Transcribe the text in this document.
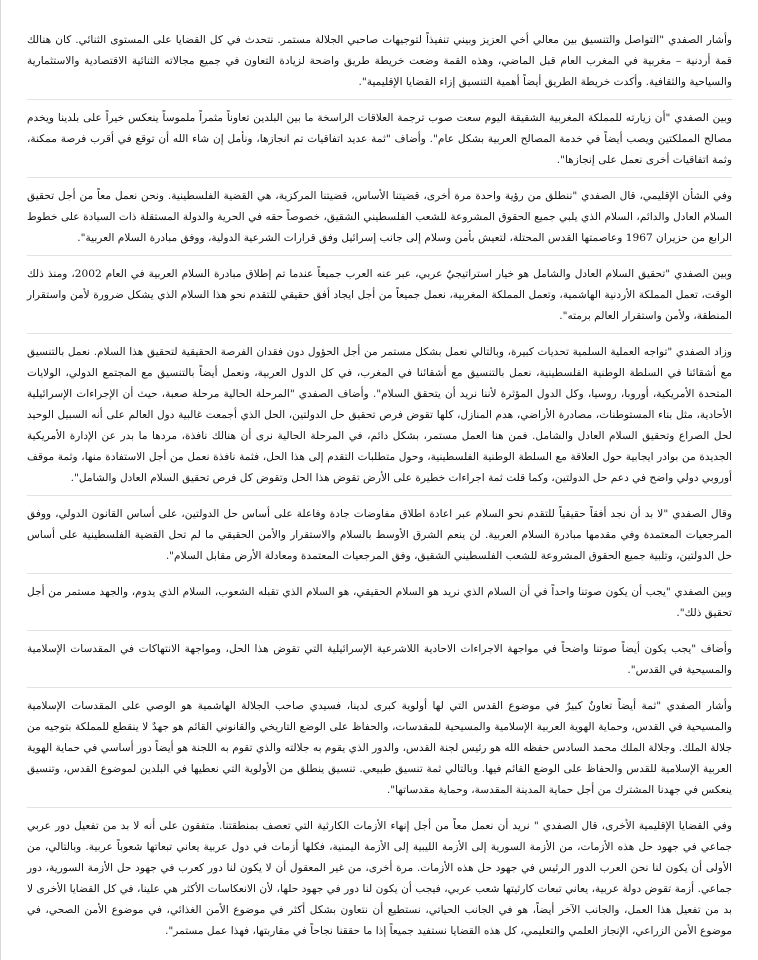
وأشار الصفدي "التواصل والتنسيق بين معالي أخي العزيز وبيني تنفيذاً لتوجيهات صاحبي الجلالة مستمر. نتحدث في كل القضايا على المستوى الثنائي. كان هنالك قمة أردنية – مغربية في المغرب العام قبل الماضي، وهذه القمة وضعت خريطة طريق واضحة لزيادة التعاون في جميع مجالاته الثنائية الاقتصادية والاستثمارية والسياحية والثقافية. وأكدت خريطة الطريق أيضاً أهمية التنسيق إزاء القضايا الإقليمية".

وبين الصفدي "أن زيارته للمملكة المغربية الشقيقة اليوم سعت صوب ترجمة العلاقات الراسخة ما بين البلدين تعاوناً مثمراً ملموساً ينعكس خيراً على بلدينا ويخدم مصالح المملكتين ويصب أيضاً في خدمة المصالح العربية بشكل عام". وأضاف "ثمة عديد اتفاقيات تم انجازها، ونأمل إن شاء الله أن توقع في أقرب فرصة ممكنة، وثمة اتفاقيات أخرى نعمل على إنجازها".

وفي الشأن الإقليمي، قال الصفدي "ننطلق من رؤية واحدة مرة أخرى، قضيتنا الأساس، قضيتنا المركزية، هي القضية الفلسطينية. ونحن نعمل معاً من أجل تحقيق السلام العادل والدائم، السلام الذي يلبي جميع الحقوق المشروعة للشعب الفلسطيني الشقيق، خصوصاً حقه في الحرية والدولة المستقلة ذات السيادة على خطوط الرابع من حزيران 1967 وعاصمتها القدس المحتلة، لتعيش بأمن وسلام إلى جانب إسرائيل وفق قرارات الشرعية الدولية، ووفق مبادرة السلام العربية".

وبين الصفدي "تحقيق السلام العادل والشامل هو خيار استراتيجيٌ عربي، عبر عنه العرب جميعاً عندما تم إطلاق مبادرة السلام العربية في العام 2002، ومنذ ذلك الوقت، تعمل المملكة الأردنية الهاشمية، وتعمل المملكة المغربية، نعمل جميعاً من أجل ايجاد أفق حقيقي للتقدم نحو هذا السلام الذي يشكل ضرورة لأمن واستقرار المنطقة، ولأمن واستقرار العالم برمته".

وزاد الصفدي "تواجه العملية السلمية تحديات كبيرة، وبالتالي نعمل بشكل مستمر من أجل الحؤول دون فقدان الفرصة الحقيقية لتحقيق هذا السلام. نعمل بالتنسيق مع أشقائنا في السلطة الوطنية الفلسطينية، نعمل بالتنسيق مع أشقائنا في المغرب، في كل الدول العربية، ونعمل أيضاً بالتنسيق مع المجتمع الدولي، الولايات المتحدة الأمريكية، أوروبا، روسيا، وكل الدول المؤثرة لأننا نريد أن يتحقق السلام". وأضاف الصفدي "المرحلة الحالية مرحلة صعبة، حيث أن الإجراءات الإسرائيلية الأحادية، مثل بناء المستوطنات، مصادرة الأراضي، هدم المنازل، كلها تقوض فرص تحقيق حل الدولتين، الحل الذي أجمعت غالبية دول العالم على أنه السبيل الوحيد لحل الصراع وتحقيق السلام العادل والشامل. فمن هنا العمل مستمر، بشكل دائم، في المرحلة الحالية نرى أن هنالك نافذة، مردها ما بدر عن الإدارة الأمريكية الجديدة من بوادر ايجابية حول العلاقة مع السلطة الوطنية الفلسطينية، وحول متطلبات التقدم إلى هذا الحل، فثمة نافذة نعمل من أجل الاستفادة منها، وثمة موقف أوروبي دولي واضح في دعم حل الدولتين، وكما قلت ثمة اجراءات خطيرة على الأرض تقوض هذا الحل وتقوض كل فرص تحقيق السلام العادل والشامل".

وقال الصفدي "لا بد أن نجد أفقاً حقيقياً للتقدم نحو السلام عبر اعادة اطلاق مفاوضات جادة وفاعلة على أساس حل الدولتين، على أساس القانون الدولي، ووفق المرجعيات المعتمدة وفي مقدمها مبادرة السلام العربية. لن ينعم الشرق الأوسط بالسلام والاستقرار والأمن الحقيقي ما لم تحل القضية الفلسطينية على أساس حل الدولتين، وتلبية جميع الحقوق المشروعة للشعب الفلسطيني الشقيق، وفق المرجعيات المعتمدة ومعادلة الأرض مقابل السلام".

وبين الصفدي "يجب أن يكون صوتنا واحداً في أن السلام الذي نريد هو السلام الحقيقي، هو السلام الذي تقبله الشعوب، السلام الذي يدوم، والجهد مستمر من أجل تحقيق ذلك".

وأضاف "يجب يكون أيضاً صوتنا واضحاً في مواجهة الاجراءات الاحادية اللاشرعية الإسرائيلية التي تقوض هذا الحل، ومواجهة الانتهاكات في المقدسات الإسلامية والمسيحية في القدس".

وأشار الصفدي "ثمة أيضاً تعاونٌ كبيرٌ في موضوع القدس التي لها أولوية كبرى لدينا، فسيدي صاحب الجلالة الهاشمية هو الوصي على المقدسات الإسلامية والمسيحية في القدس، وحماية الهوية العربية الإسلامية والمسيحية للمقدسات، والحفاظ على الوضع التاريخي والقانوني القائم هو جهدٌ لا ينقطع للمملكة بتوجيه من جلالة الملك. وجلالة الملك محمد السادس حفظه الله هو رئيس لجنة القدس، والدور الذي يقوم به جلالته والذي تقوم به اللجنة هو أيضاً دور أساسي في حماية الهوية العربية الإسلامية للقدس والحفاظ على الوضع القائم فيها. وبالتالي ثمة تنسيق طبيعي. تنسيق ينطلق من الأولوية التي نعطيها في البلدين لموضوع القدس، وتنسيق ينعكس في جهدنا المشترك من أجل حماية المدينة المقدسة، وحماية مقدساتها".

وفي القضايا الإقليمية الأخرى، قال الصفدي " نريد أن نعمل معاً من أجل إنهاء الأزمات الكارثية التي تعصف بمنطقتنا. متفقون على أنه لا بد من تفعيل دور عربي جماعي في جهود حل هذه الأزمات، من الأزمة السورية إلى الأزمة الليبية إلى الأزمة اليمنية، فكلها أزمات في دول عربية يعاني تبعاتها شعوباً عربية. وبالتالي، من الأولى أن يكون لنا نحن العرب الدور الرئيس في جهود حل هذه الأزمات. مرة أخرى، من غير المعقول أن لا يكون لنا دور كعرب في جهود حل الأزمة السورية، دور جماعي. أزمة تقوض دولة عربية، يعاني تبعات كارثيتها شعب عربي، فيجب أن يكون لنا دور في جهود حلها، لأن الانعكاسات الأكثر هي علينا، في كل القضايا الأخرى لا بد من تفعيل هذا العمل، والجانب الآخر أيضاً، هو في الجانب الحياتي، نستطيع أن نتعاون بشكل أكثر في موضوع الأمن الغذائي، في موضوع الأمن الصحي، في موضوع الأمن الزراعي، الإنجاز العلمي والتعليمي، كل هذه القضايا نستفيد جميعاً إذا ما حققنا نجاحاً في مقاربتها، فهذا عمل مستمر".
